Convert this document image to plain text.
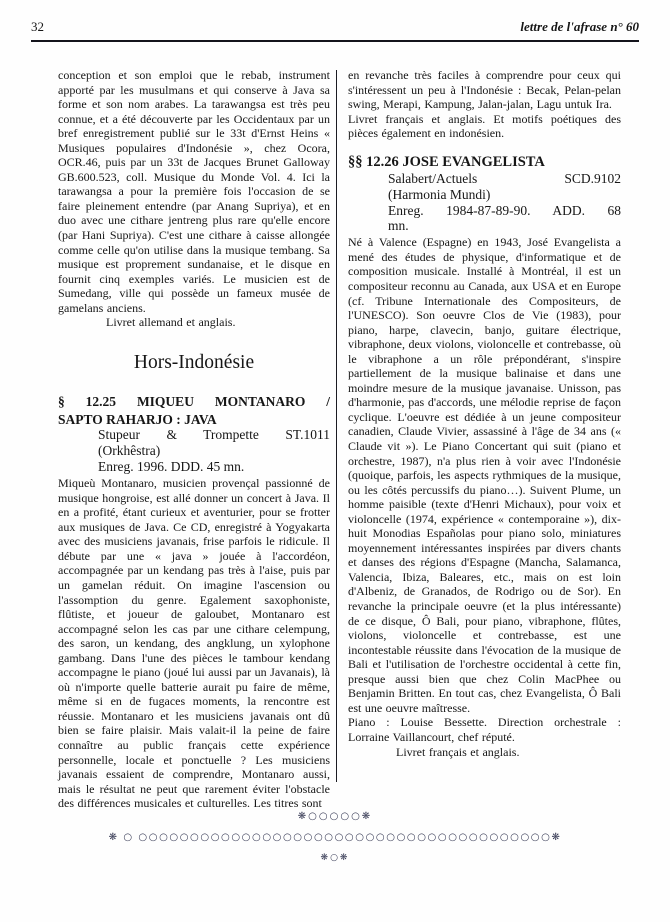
32	lettre de l'afrase n° 60

conception et son emploi que le rebab, instrument apporté par les musulmans et qui conserve à Java sa forme et son nom arabes. La tarawangsa est très peu connue, et a été découverte par les Occidentaux par un bref enregistrement publié sur le 33t d'Ernst Heins « Musiques populaires d'Indonésie », chez Ocora, OCR.46, puis par un 33t de Jacques Brunet Galloway GB.600.523, coll. Musique du Monde Vol. 4. Ici la tarawangsa a pour la première fois l'occasion de se faire pleinement entendre (par Anang Supriya), et en duo avec une cithare jentreng plus rare qu'elle encore (par Hani Supriya). C'est une cithare à caisse allongée comme celle qu'on utilise dans la musique tembang. Sa musique est proprement sundanaise, et le disque en fournit cinq exemples variés. Le musicien est de Sumedang, ville qui possède un fameux musée de gamelans anciens.

Livret allemand et anglais.

Hors-Indonésie

§ 12.25 MIQUEU MONTANARO /

SAPTO RAHARJO : JAVA

Stupeur & Trompette ST.1011

(Orkhêstra)

Enreg. 1996. DDD. 45 mn.

Miqueù Montanaro, musicien provençal passionné de musique hongroise, est allé donner un concert à Java. Il en a profité, étant curieux et aventurier, pour se frotter aux musiques de Java. Ce CD, enregistré à Yogyakarta avec des musiciens javanais, frise parfois le ridicule. Il débute par une « java » jouée à l'accordéon, accompagnée par un kendang pas très à l'aise, puis par un gamelan réduit. On imagine l'ascension ou l'assomption du genre. Egalement saxophoniste, flûtiste, et joueur de galoubet, Montanaro est accompagné selon les cas par une cithare celempung, des saron, un kendang, des angklung, un xylophone gambang. Dans l'une des pièces le tambour kendang accompagne le piano (joué lui aussi par un Javanais), là où n'importe quelle batterie aurait pu faire de même, même si en de fugaces moments, la rencontre est réussie. Montanaro et les musiciens javanais ont dû bien se faire plaisir. Mais valait-il la peine de faire connaître au public français cette expérience personnelle, locale et ponctuelle ? Les musiciens javanais essaient de comprendre, Montanaro aussi, mais le résultat ne peut que rarement éviter l'obstacle des différences musicales et culturelles. Les titres sont

en revanche très faciles à comprendre pour ceux qui s'intéressent un peu à l'Indonésie : Becak, Pelan-pelan swing, Merapi, Kampung, Jalan-jalan, Lagu untuk Ira.

Livret français et anglais. Et motifs poétiques des pièces également en indonésien.

§§ 12.26 JOSE EVANGELISTA

Salabert/Actuels SCD.9102

(Harmonia Mundi)

Enreg. 1984-87-89-90. ADD. 68

mn.

Né à Valence (Espagne) en 1943, José Evangelista a mené des études de physique, d'informatique et de composition musicale. Installé à Montréal, il est un compositeur reconnu au Canada, aux USA et en Europe (cf. Tribune Internationale des Compositeurs, de l'UNESCO). Son oeuvre Clos de Vie (1983), pour piano, harpe, clavecin, banjo, guitare électrique, vibraphone, deux violons, violoncelle et contrebasse, où le vibraphone a un rôle prépondérant, s'inspire partiellement de la musique balinaise et dans une moindre mesure de la musique javanaise. Unisson, pas d'harmonie, pas d'accords, une mélodie reprise de façon cyclique. L'oeuvre est dédiée à un jeune compositeur canadien, Claude Vivier, assassiné à l'âge de 34 ans (« Claude vit »). Le Piano Concertant qui suit (piano et orchestre, 1987), n'a plus rien à voir avec l'Indonésie (quoique, parfois, les aspects rythmiques de la musique, ou les côtés percussifs du piano…). Suivent Plume, un homme paisible (texte d'Henri Michaux), pour voix et violoncelle (1974, expérience « contemporaine »), dix-huit Monodias Españolas pour piano solo, miniatures moyennement intéressantes inspirées par divers chants et danses des régions d'Espagne (Mancha, Salamanca, Valencia, Ibiza, Baleares, etc., mais on est loin d'Albeniz, de Granados, de Rodrigo ou de Sor). En revanche la principale oeuvre (et la plus intéressante) de ce disque, Ô Bali, pour piano, vibraphone, flûtes, violons, violoncelle et contrebasse, est une incontestable réussite dans l'évocation de la musique de Bali et l'utilisation de l'orchestre occidental à cette fin, presque aussi bien que chez Colin MacPhee ou Benjamin Britten. En tout cas, chez Evangelista, Ô Bali est une oeuvre maîtresse.

Piano : Louise Bessette. Direction orchestrale : Lorraine Vaillancourt, chef réputé.

Livret français et anglais.

❋○○○○○❋
❋ ○ ○○○○○○○○○○○○○○○○○○○○○○○○○○○○○○○○○○○○○○○○❋
❋○❋
